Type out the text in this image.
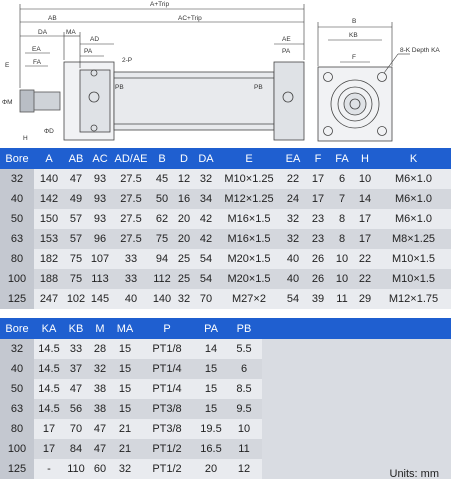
A+Trip
AB	AC+Trip
DA	MA
AD	AE
EA	PA	PA
2-P
E	FA
PB	PB
ΦM
H
ΦD
B
KB
8-K Depth KA
F
Bore	A	AB	AC	AD/AE	B	D	DA	E	EA	F	FA	H	K
32	140	47	93	27.5	45	12	32	M10×1.25	22	17	6	10	M6×1.0
40	142	49	93	27.5	50	16	34	M12×1.25	24	17	7	14	M6×1.0
50	150	57	93	27.5	62	20	42	M16×1.5	32	23	8	17	M6×1.0
63	153	57	96	27.5	75	20	42	M16×1.5	32	23	8	17	M8×1.25
80	182	75	107	33	94	25	54	M20×1.5	40	26	10	22	M10×1.5
100	188	75	113	33	112	25	54	M20×1.5	40	26	10	22	M10×1.5
125	247	102	145	40	140	32	70	M27×2	54	39	11	29	M12×1.75
Bore	KA	KB	M	MA	P	PA	PB	
32	14.5	33	28	15	PT1/8	14	5.5	
40	14.5	37	32	15	PT1/4	15	6	
50	14.5	47	38	15	PT1/4	15	8.5	
63	14.5	56	38	15	PT3/8	15	9.5	
80	17	70	47	21	PT3/8	19.5	10	
100	17	84	47	21	PT1/2	16.5	11	
125	-	110	60	32	PT1/2	20	12		Units: mm
